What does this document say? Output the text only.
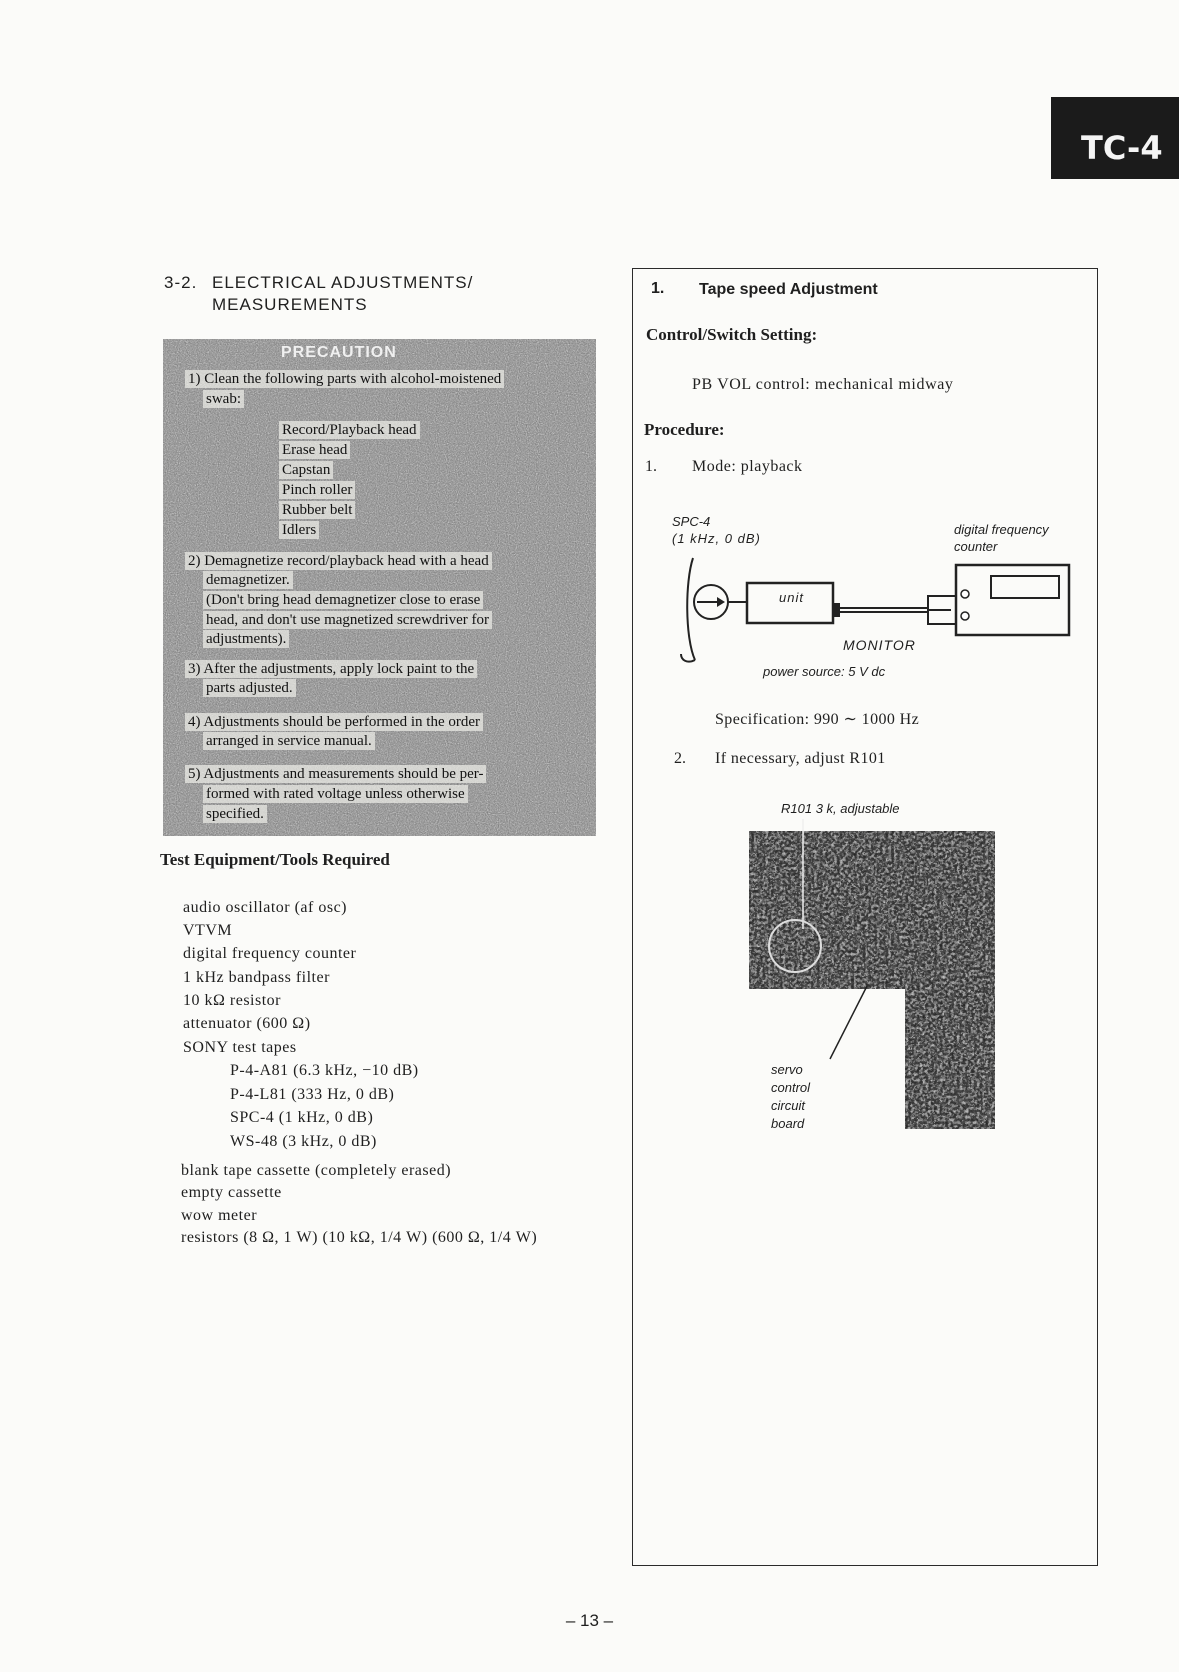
TC-4
3-2. ELECTRICAL ADJUSTMENTS/
MEASUREMENTS
PRECAUTION
1) Clean the following parts with alcohol-moistened
swab:
Record/Playback head
Erase head
Capstan
Pinch roller
Rubber belt
Idlers
2) Demagnetize record/playback head with a head
demagnetizer.
(Don't bring head demagnetizer close to erase
head, and don't use magnetized screwdriver for
adjustments).
3) After the adjustments, apply lock paint to the
parts adjusted.
4) Adjustments should be performed in the order
arranged in service manual.
5) Adjustments and measurements should be per-
formed with rated voltage unless otherwise
specified.
Test Equipment/Tools Required
audio oscillator (af osc)
VTVM
digital frequency counter
1 kHz bandpass filter
10 kΩ resistor
attenuator (600 Ω)
SONY test tapes
P-4-A81 (6.3 kHz, −10 dB)
P-4-L81 (333 Hz, 0 dB)
SPC-4 (1 kHz, 0 dB)
WS-48 (3 kHz, 0 dB)
blank tape cassette (completely erased)
empty cassette
wow meter
resistors (8 Ω, 1 W) (10 kΩ, 1/4 W) (600 Ω, 1/4 W)
1. Tape speed Adjustment
Control/Switch Setting:
PB VOL control: mechanical midway
Procedure:
1. Mode: playback
SPC-4
(1 kHz, 0 dB)
digital frequency
counter
unit
MONITOR
power source: 5 V dc
Specification: 990 ∼ 1000 Hz
2. If necessary, adjust R101
R101 3 k, adjustable
servo
control
circuit
board
– 13 –
